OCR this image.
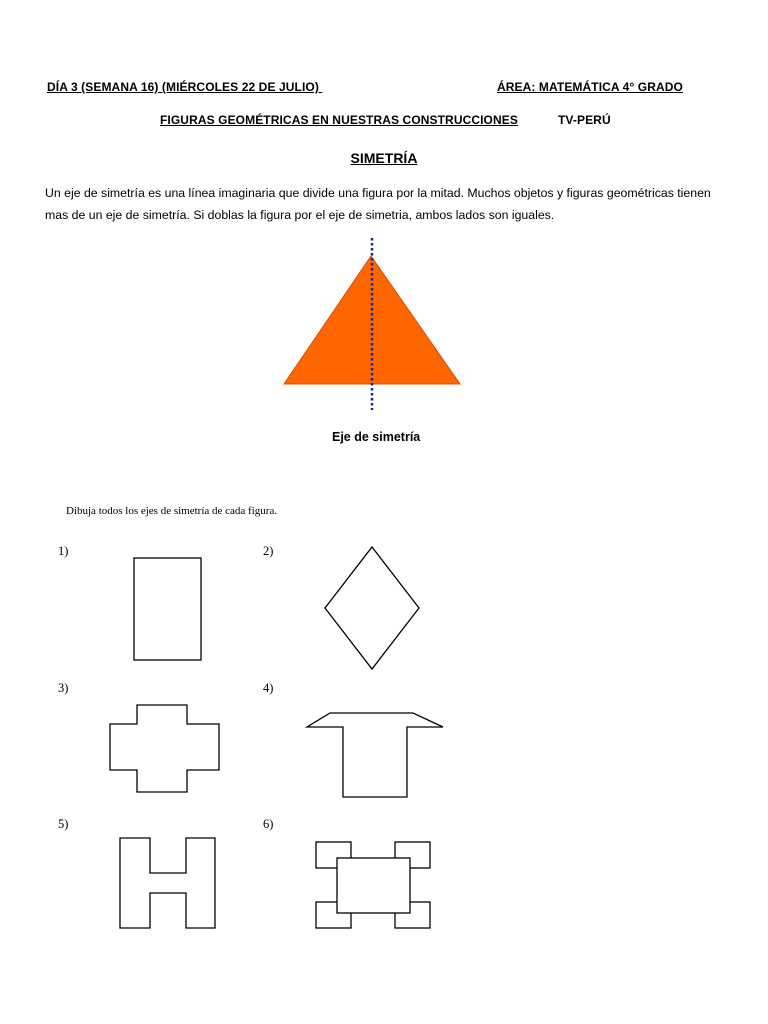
DÍA 3 (SEMANA 16) (MIÉRCOLES 22 DE JULIO)	ÁREA: MATEMÁTICA 4° GRADO
FIGURAS GEOMÉTRICAS EN NUESTRAS CONSTRUCCIONES	TV-PERÚ
SIMETRÍA
Un eje de simetría es una línea imaginaria que divide una figura por la mitad. Muchos objetos y figuras geométricas tienen mas de un eje de simetría. Si doblas la figura por el eje de simetria, ambos lados son iguales.
Eje de simetría
Dibuja todos los ejes de simetría de cada figura.
1)	2)
3)	4)
5)	6)
